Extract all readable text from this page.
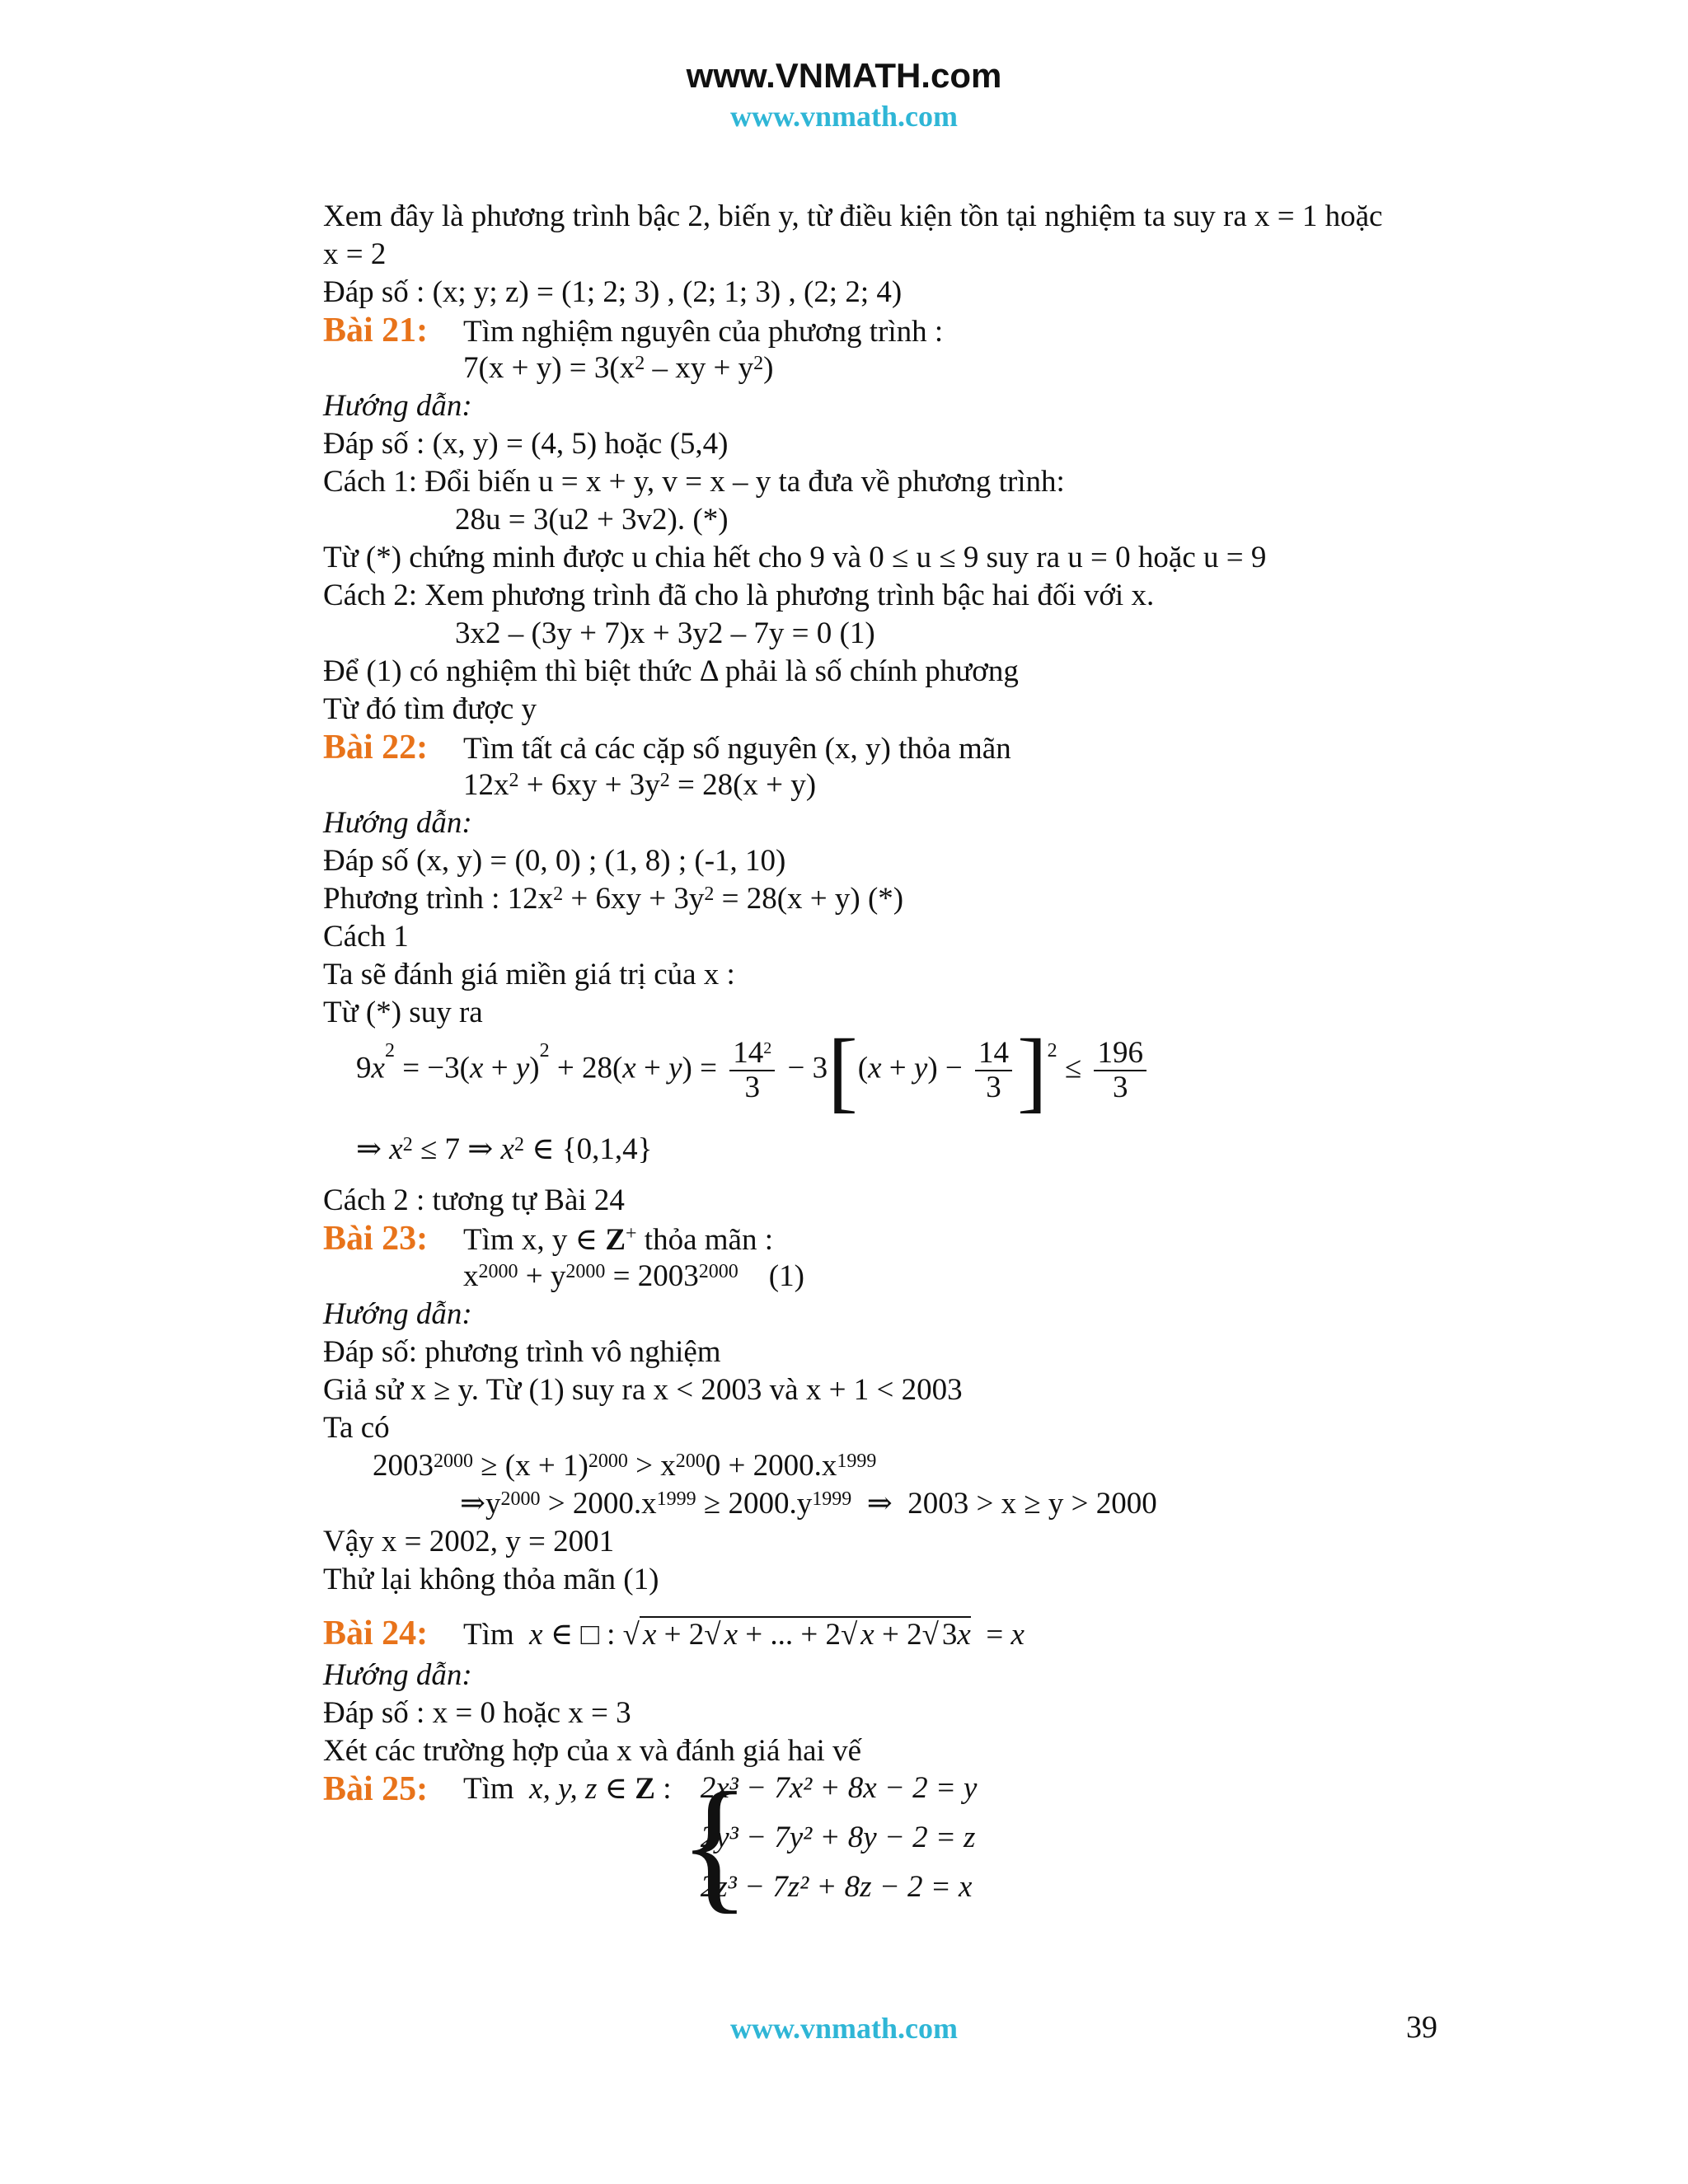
www.VNMATH.com
www.vnmath.com
Xem đây là phương trình bậc 2, biến y, từ điều kiện tồn tại nghiệm ta suy ra x = 1 hoặc
x = 2
Đáp số : (x; y; z) = (1; 2; 3) , (2; 1; 3) , (2; 2; 4)
Bài 21: Tìm nghiệm nguyên của phương trình :
$7(x + y) = 3(x^2$ – xy + $y^2$)
Hướng dẫn:
Đáp số : (x, y) = (4, 5) hoặc (5,4)
Cách 1: Đổi biến u = x + y, v = x – y ta đưa về phương trình:
28u = 3(u2 + 3v2). (*)
Từ (*) chứng minh được u chia hết cho 9 và 0 ≤ u ≤ 9 suy ra u = 0 hoặc u = 9
Cách 2: Xem phương trình đã cho là phương trình bậc hai đối với x.
3x2 – (3y + 7)x + 3y2 – 7y = 0 (1)
Để (1) có nghiệm thì biệt thức Δ phải là số chính phương
Từ đó tìm được y
Bài 22: Tìm tất cả các cặp số nguyên (x, y) thỏa mãn
$12x^2 + 6xy + 3y^2 = 28(x + y)$
Hướng dẫn:
Đáp số (x, y) = (0, 0) ; (1, 8) ; (-1, 10)
Phương trình : $12x^2 + 6xy + 3y^2 = 28(x + y)$ (*)
Cách 1
Ta sẽ đánh giá miền giá trị của x :
Từ (*) suy ra
$9x^2 = -3(x + y)^2 + 28(x + y) = \frac{14^2}{3} - 3[(x + y) - \frac{14}{3} ]^2 \le \frac{196}{3}$
⇒ $x^2 \le 7$ ⇒ $x^2$ ∈ {0,1,4}
Cách 2 : tương tự Bài 24
Bài 23: Tìm x, y ∈ Z+ thỏa mãn :
$x^{2000} + y^{2000} = 2003^{2000}$ (1)
Hướng dẫn:
Đáp số: phương trình vô nghiệm
Giả sử x ≥ y. Từ (1) suy ra x < 2003 và x + 1 < 2003
Ta có
$2003^{2000} \ge (x + 1)^{2000} > x^{200}0 + 2000.x^{1999}$
$\Rightarrow y^{2000} > 2000.x^{1999} \ge 2000.y^{1999}$  ⇒  2003 > x ≥ y > 2000
Vậy x = 2002, y = 2001
Thử lại không thỏa mãn (1)
Bài 24: Tìm x ∈ □ : √ x + 2√ x + ... + 2√ x + 2√ 3x  = x
Hướng dẫn:
Đáp số : x = 0 hoặc x = 3
Xét các trường hợp của x và đánh giá hai vế
Bài 25: Tìm x, y, z ∈ Z : {
2x³ − 7x² + 8x − 2 = y
2y³ − 7y² + 8y − 2 = z
2z³ − 7z² + 8z − 2 = x
www.vnmath.com	39
